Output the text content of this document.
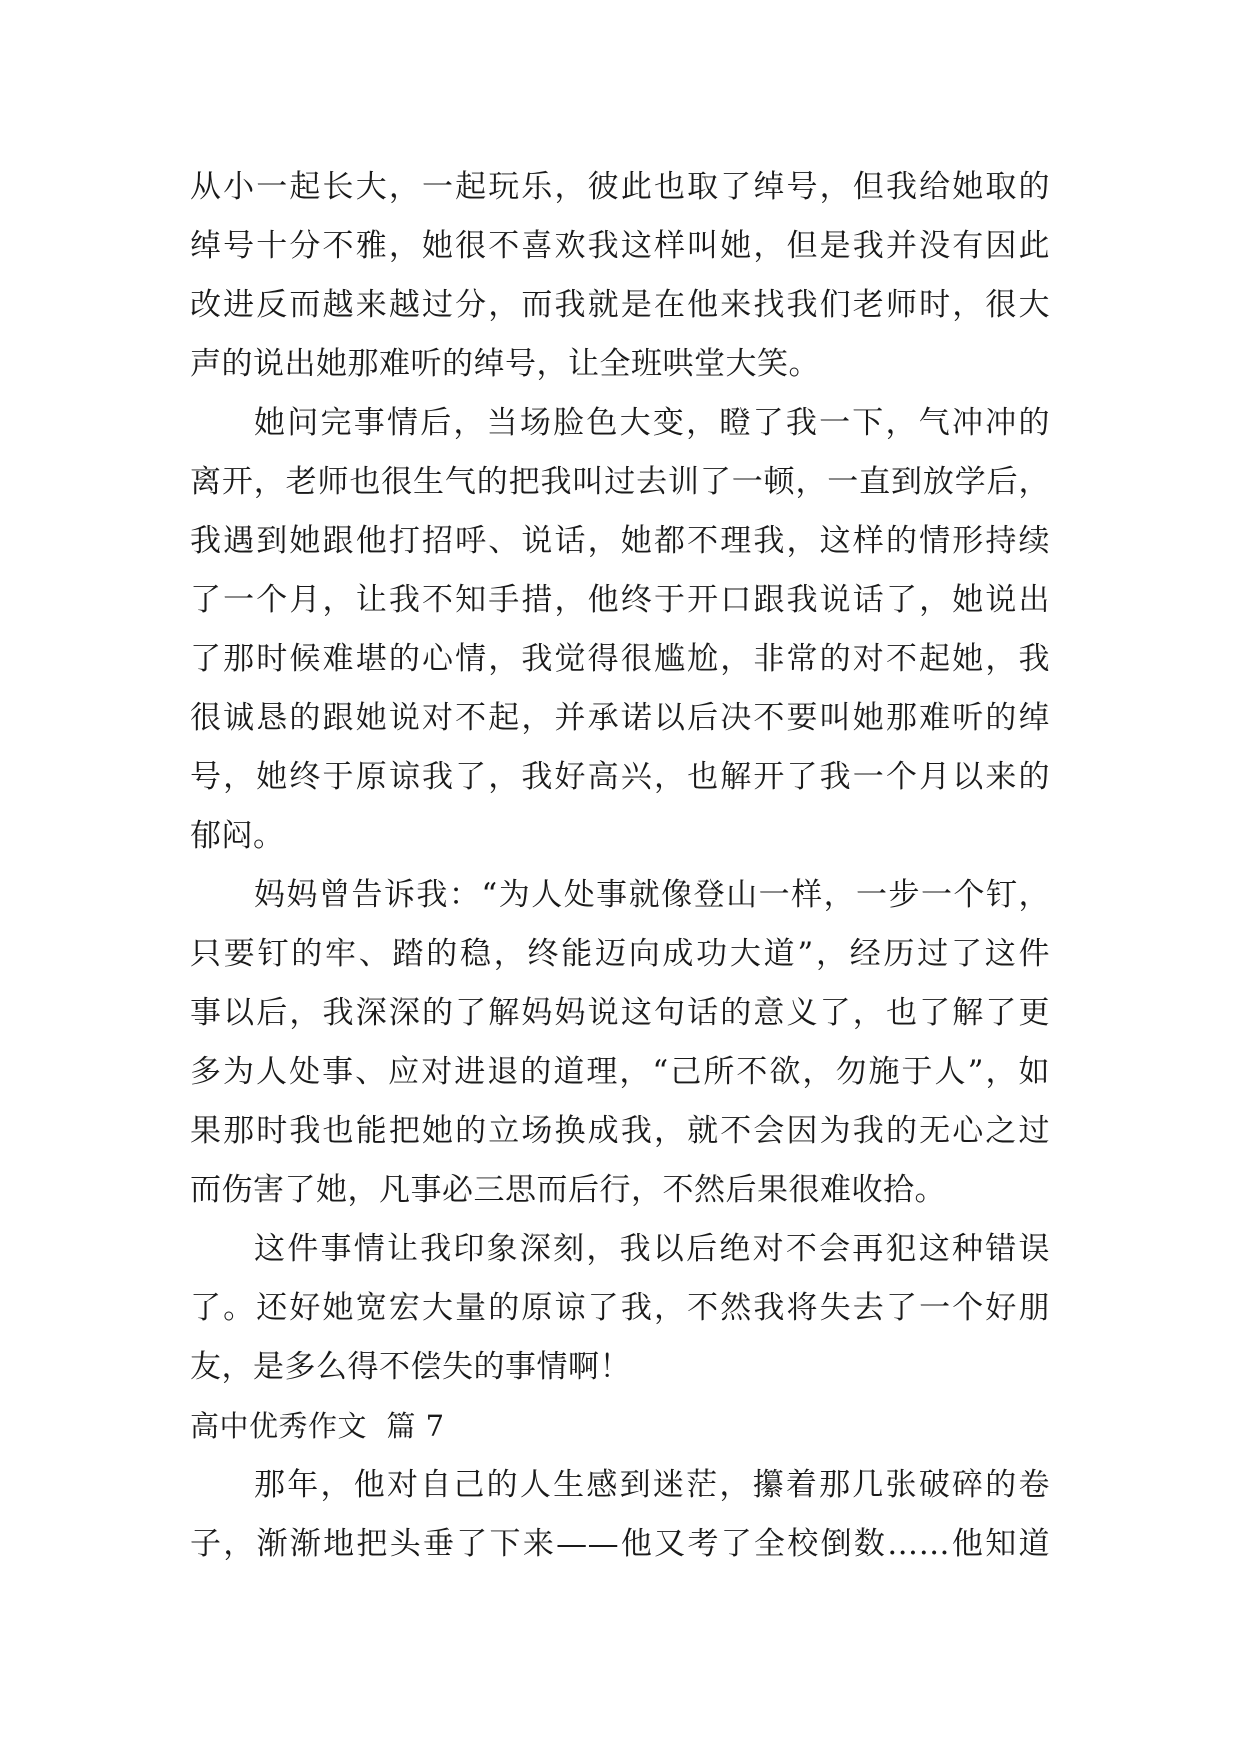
从小一起长大，一起玩乐，彼此也取了绰号，但我给她取的
绰号十分不雅，她很不喜欢我这样叫她，但是我并没有因此
改进反而越来越过分，而我就是在他来找我们老师时，很大
声的说出她那难听的绰号，让全班哄堂大笑。
她问完事情后，当场脸色大变，瞪了我一下，气冲冲的
离开，老师也很生气的把我叫过去训了一顿，一直到放学后，
我遇到她跟他打招呼、说话，她都不理我，这样的情形持续
了一个月，让我不知手措，他终于开口跟我说话了，她说出
了那时候难堪的心情，我觉得很尴尬，非常的对不起她，我
很诚恳的跟她说对不起，并承诺以后决不要叫她那难听的绰
号，她终于原谅我了，我好高兴，也解开了我一个月以来的
郁闷。
妈妈曾告诉我：“为人处事就像登山一样，一步一个钉，
只要钉的牢、踏的稳，终能迈向成功大道”，经历过了这件
事以后，我深深的了解妈妈说这句话的意义了，也了解了更
多为人处事、应对进退的道理，“己所不欲，勿施于人”，如
果那时我也能把她的立场换成我，就不会因为我的无心之过
而伤害了她，凡事必三思而后行，不然后果很难收拾。
这件事情让我印象深刻，我以后绝对不会再犯这种错误
了。还好她宽宏大量的原谅了我，不然我将失去了一个好朋
友，是多么得不偿失的事情啊！
高中优秀作文  篇 7
那年，他对自己的人生感到迷茫，攥着那几张破碎的卷
子，渐渐地把头垂了下来——他又考了全校倒数……他知道
